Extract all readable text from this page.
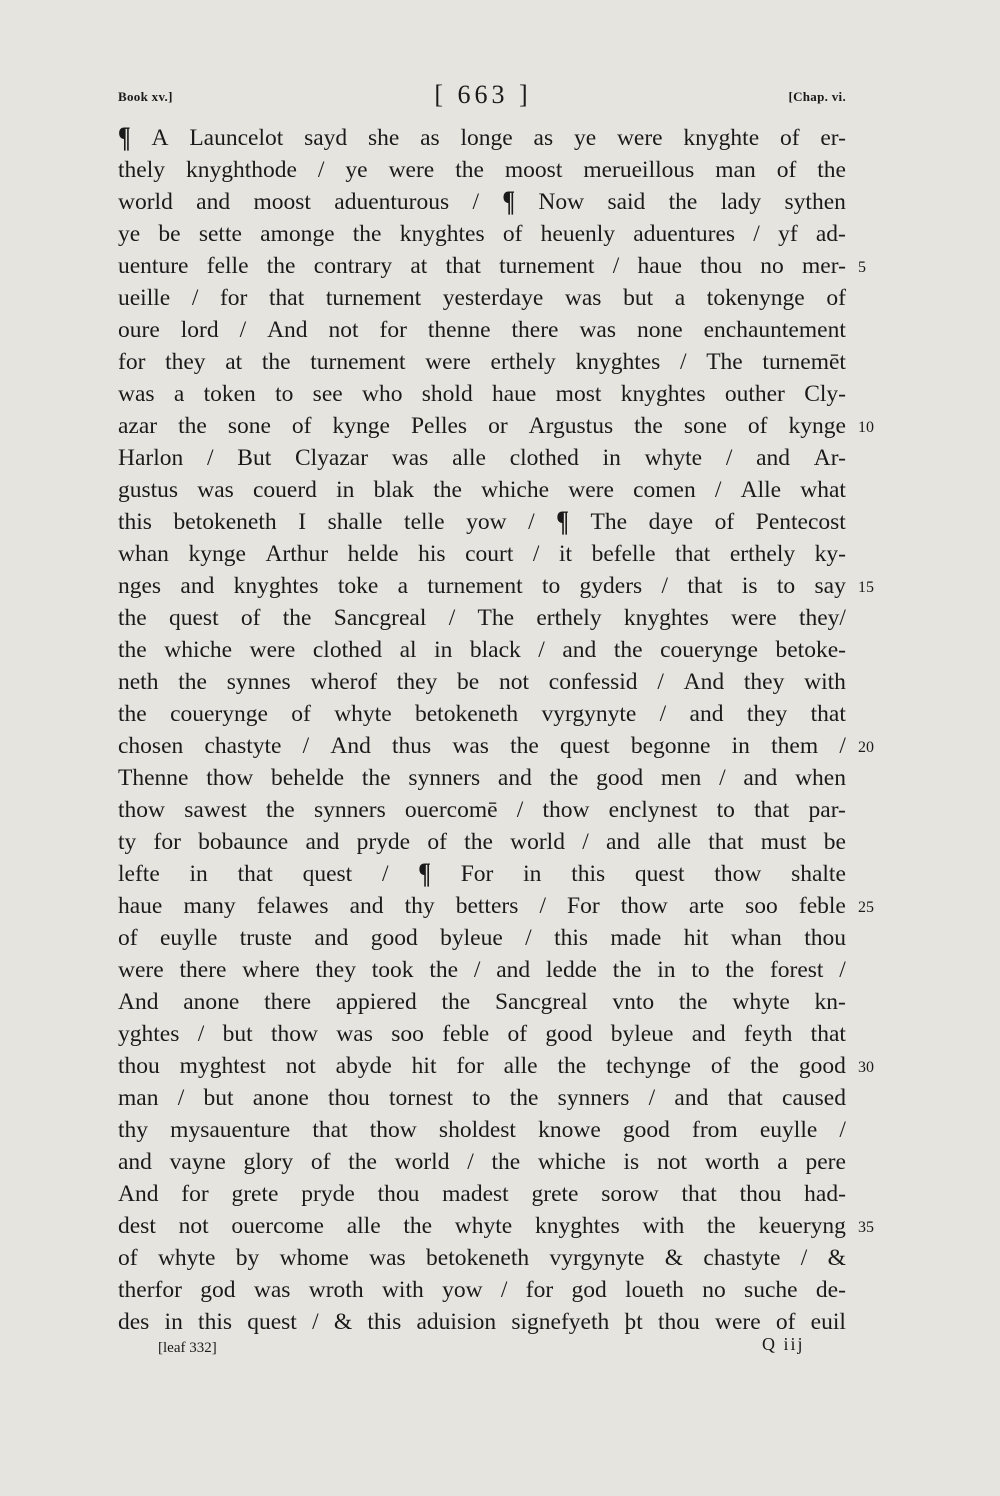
Book xv.]	[ 663 ]	[Chap. vi.
¶ A Launcelot sayd she as longe as ye were knyghte of er-
thely knyghthode / ye were the moost merueillous man of the
world and moost aduenturous / ¶ Now said the lady sythen
ye be sette amonge the knyghtes of heuenly aduentures / yf ad-
uenture felle the contrary at that turnement / haue thou no mer- 5
ueille / for that turnement yesterdaye was but a tokenynge of
oure lord / And not for thenne there was none enchauntement
for they at the turnement were erthely knyghtes / The turnemēt
was a token to see who shold haue most knyghtes outher Cly-
azar the sone of kynge Pelles or Argustus the sone of kynge 10
Harlon / But Clyazar was alle clothed in whyte / and Ar-
gustus was couerd in blak the whiche were comen / Alle what
this betokeneth I shalle telle yow / ¶ The daye of Pentecost
whan kynge Arthur helde his court / it befelle that erthely ky-
nges and knyghtes toke a turnement to gyders / that is to say 15
the quest of the Sancgreal / The erthely knyghtes were they/
the whiche were clothed al in black / and the couerynge betoke-
neth the synnes wherof they be not confessid / And they with
the couerynge of whyte betokeneth vyrgynyte / and they that
chosen chastyte / And thus was the quest begonne in them / 20
Thenne thow behelde the synners and the good men / and when
thow sawest the synners ouercomē / thow enclynest to that par-
ty for bobaunce and pryde of the world / and alle that must be
lefte in that quest / ¶ For in this quest thow shalte
haue many felawes and thy betters / For thow arte soo feble 25
of euylle truste and good byleue / this made hit whan thou
were there where they took the / and ledde the in to the forest /
And anone there appiered the Sancgreal vnto the whyte kn-
yghtes / but thow was soo feble of good byleue and feyth that
thou myghtest not abyde hit for alle the techynge of the good 30
man / but anone thou tornest to the synners / and that caused
thy mysauenture that thow sholdest knowe good from euylle /
and vayne glory of the world / the whiche is not worth a pere
And for grete pryde thou madest grete sorow that thou had-
dest not ouercome alle the whyte knyghtes with the keueryng 35
of whyte by whome was betokeneth vyrgynyte & chastyte / &
therfor god was wroth with yow / for god loueth no suche de-
des in this quest / & this aduision signefyeth þt thou were of euil
[leaf 332]	Q iij
